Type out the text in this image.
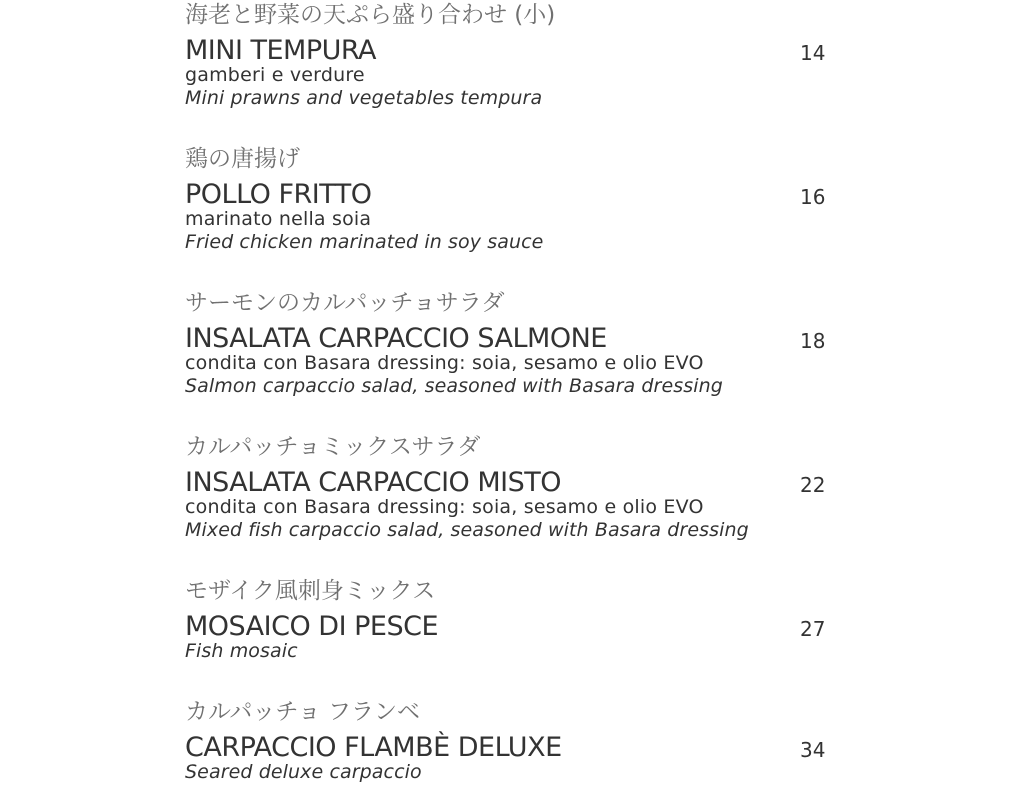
海老と野菜の天ぷら盛り合わせ (小)
MINI TEMPURA
gamberi e verdure
Mini prawns and vegetables tempura
14
鶏の唐揚げ
POLLO FRITTO
marinato nella soia
Fried chicken marinated in soy sauce
16
サーモンのカルパッチョサラダ
INSALATA CARPACCIO SALMONE
condita con Basara dressing: soia, sesamo e olio EVO
Salmon carpaccio salad, seasoned with Basara dressing
18
カルパッチョミックスサラダ
INSALATA CARPACCIO MISTO
condita con Basara dressing: soia, sesamo e olio EVO
Mixed fish carpaccio salad, seasoned with Basara dressing
22
モザイク風刺身ミックス
MOSAICO DI PESCE
Fish mosaic
27
カルパッチョ フランベ
CARPACCIO FLAMBÈ DELUXE
Seared deluxe carpaccio
34
